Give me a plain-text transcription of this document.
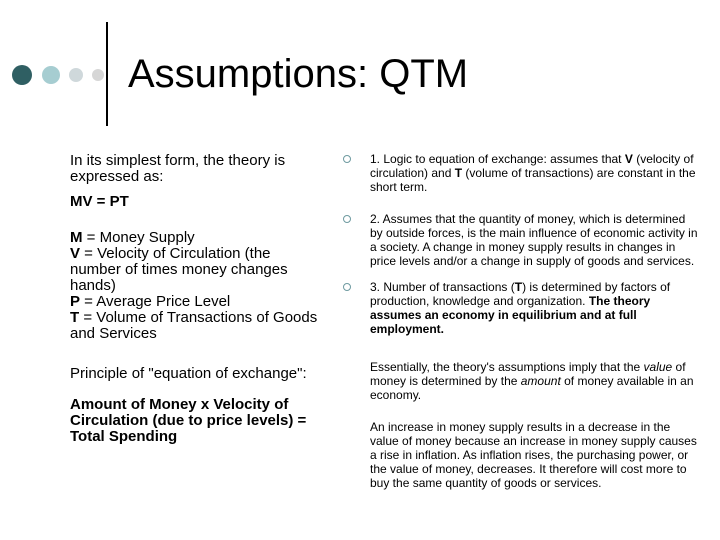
Assumptions: QTM

In its simplest form, the theory is expressed as:

MV = PT

M = Money Supply

V = Velocity of Circulation (the number of times money changes hands)

P = Average Price Level

T = Volume of Transactions of Goods and Services

Principle of "equation of exchange":

Amount of Money x Velocity of Circulation (due to price levels) = Total Spending

1. Logic to equation of exchange: assumes that V (velocity of circulation) and T (volume of transactions) are constant in the short term.

2. Assumes that the quantity of money, which is determined by outside forces, is the main influence of economic activity in a society. A change in money supply results in changes in price levels and/or a change in supply of goods and services.

3. Number of transactions (T) is determined by factors of production, knowledge and organization. The theory assumes an economy in equilibrium and at full employment.

Essentially, the theory's assumptions imply that the value of money is determined by the amount of money available in an economy.

An increase in money supply results in a decrease in the value of money because an increase in money supply causes a rise in inflation. As inflation rises, the purchasing power, or the value of money, decreases. It therefore will cost more to buy the same quantity of goods or services.
